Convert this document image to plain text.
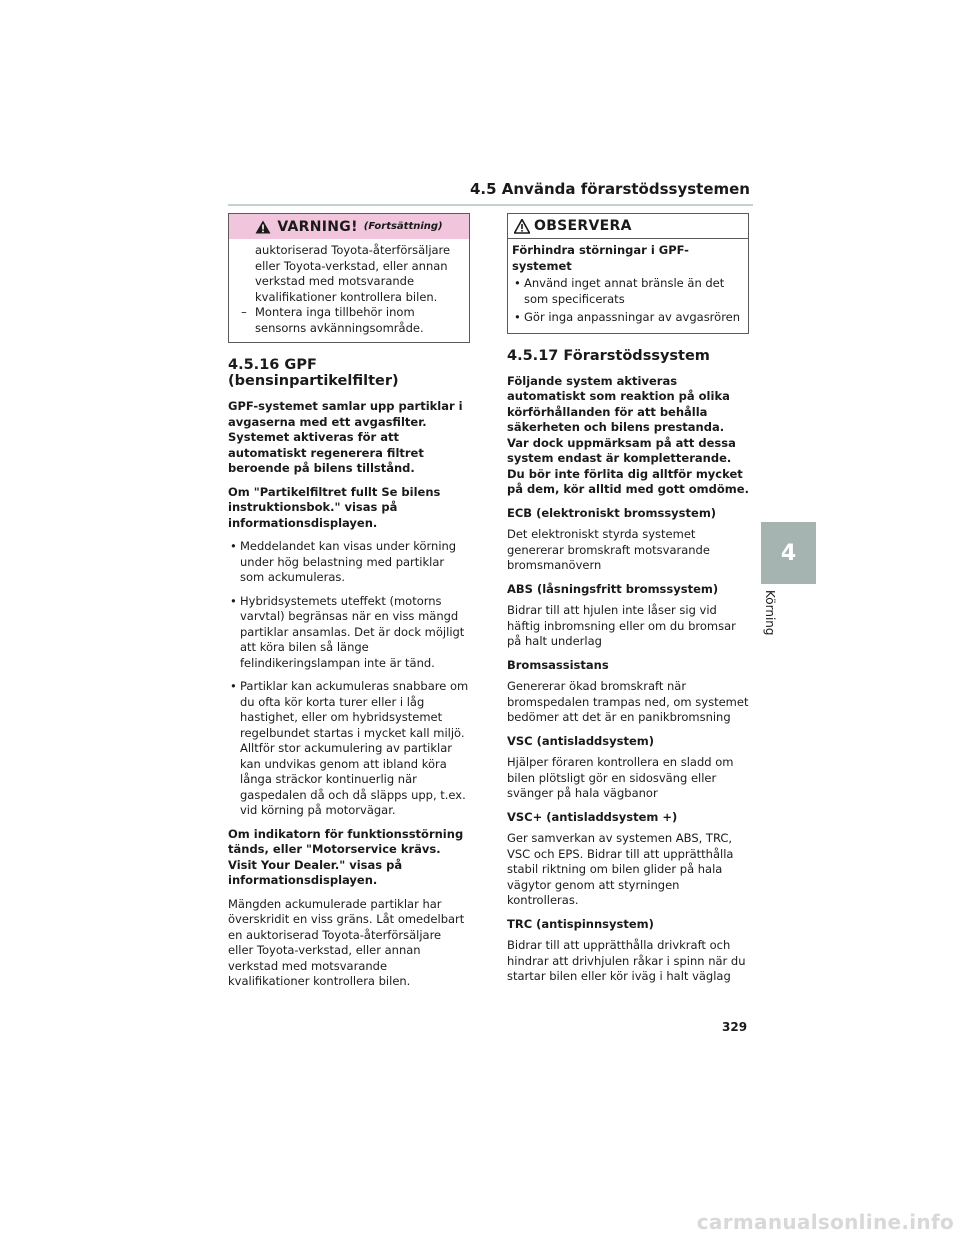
4.5 Använda förarstödssystemen
4
Körning
VARNING! (Fortsättning)
auktoriserad Toyota-återförsäljare eller Toyota-verkstad, eller annan verkstad med motsvarande kvalifikationer kontrollera bilen.
– Montera inga tillbehör inom sensorns avkänningsområde.
4.5.16 GPF (bensinpartikelfilter)

GPF-systemet samlar upp partiklar i avgaserna med ett avgasfilter. Systemet aktiveras för att automatiskt regenerera filtret beroende på bilens tillstånd.

Om "Partikelfiltret fullt Se bilens instruktionsbok." visas på informationsdisplayen.

• Meddelandet kan visas under körning under hög belastning med partiklar som ackumuleras.
• Hybridsystemets uteffekt (motorns varvtal) begränsas när en viss mängd partiklar ansamlas. Det är dock möjligt att köra bilen så länge felindikeringslampan inte är tänd.
• Partiklar kan ackumuleras snabbare om du ofta kör korta turer eller i låg hastighet, eller om hybridsystemet regelbundet startas i mycket kall miljö. Alltför stor ackumulering av partiklar kan undvikas genom att ibland köra långa sträckor kontinuerlig när gaspedalen då och då släpps upp, t.ex. vid körning på motorvägar.

Om indikatorn för funktionsstörning tänds, eller "Motorservice krävs. Visit Your Dealer." visas på informationsdisplayen.

Mängden ackumulerade partiklar har överskridit en viss gräns. Låt omedelbart en auktoriserad Toyota-återförsäljare eller Toyota-verkstad, eller annan verkstad med motsvarande kvalifikationer kontrollera bilen.

OBSERVERA

Förhindra störningar i GPF-systemet

• Använd inget annat bränsle än det som specificerats
• Gör inga anpassningar av avgasrören
4.5.17 Förarstödssystem

Följande system aktiveras automatiskt som reaktion på olika körförhållanden för att behålla säkerheten och bilens prestanda. Var dock uppmärksam på att dessa system endast är kompletterande. Du bör inte förlita dig alltför mycket på dem, kör alltid med gott omdöme.

ECB (elektroniskt bromssystem)

Det elektroniskt styrda systemet genererar bromskraft motsvarande bromsmanövern

ABS (låsningsfritt bromssystem)

Bidrar till att hjulen inte låser sig vid häftig inbromsning eller om du bromsar på halt underlag

Bromsassistans

Genererar ökad bromskraft när bromspedalen trampas ned, om systemet bedömer att det är en panikbromsning

VSC (antisladdsystem)

Hjälper föraren kontrollera en sladd om bilen plötsligt gör en sidosväng eller svänger på hala vägbanor

VSC+ (antisladdsystem +)

Ger samverkan av systemen ABS, TRC, VSC och EPS. Bidrar till att upprätthålla stabil riktning om bilen glider på hala vägytor genom att styrningen kontrolleras.

TRC (antispinnsystem)

Bidrar till att upprätthålla drivkraft och hindrar att drivhjulen råkar i spinn när du startar bilen eller kör iväg i halt väglag

329
carmanualsonline.info
